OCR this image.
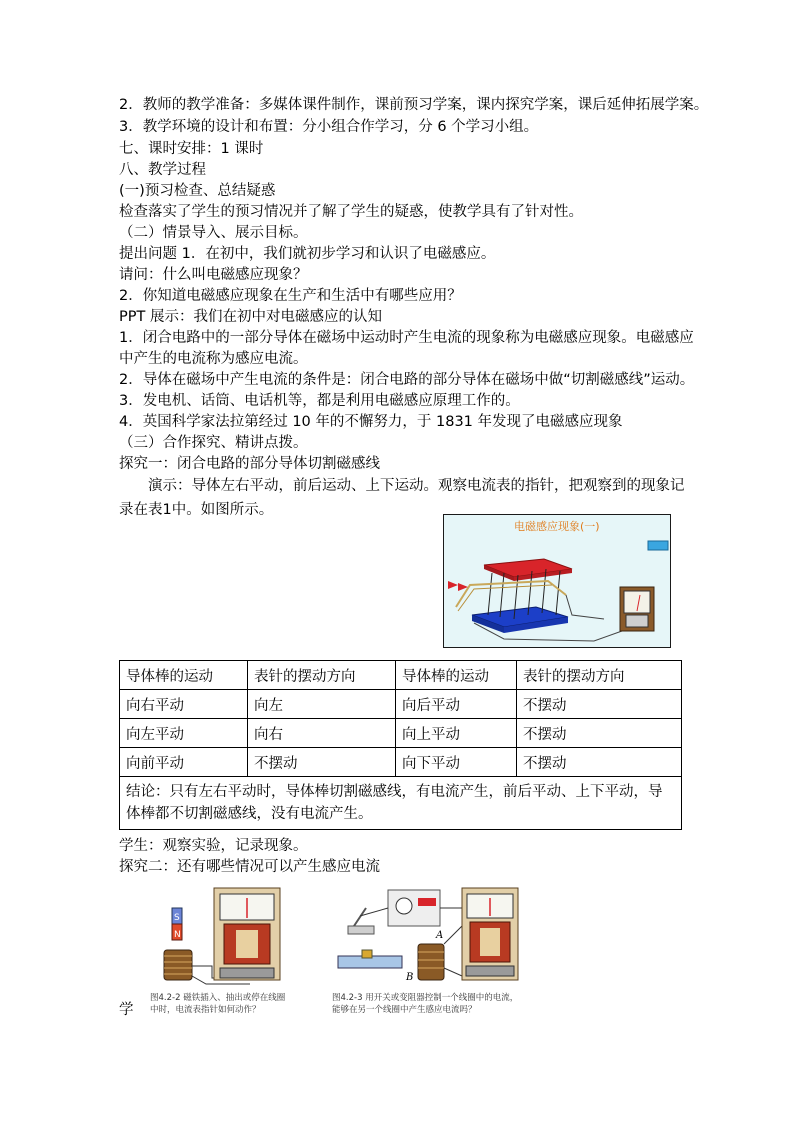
2．教师的教学准备：多媒体课件制作，课前预习学案，课内探究学案，课后延伸拓展学案。
3．教学环境的设计和布置：分小组合作学习，分 6 个学习小组。
七、课时安排：1 课时
八、教学过程
(一)预习检查、总结疑惑
检查落实了学生的预习情况并了解了学生的疑惑，使教学具有了针对性。
（二）情景导入、展示目标。
提出问题 1．在初中，我们就初步学习和认识了电磁感应。
请问：什么叫电磁感应现象？
2．你知道电磁感应现象在生产和生活中有哪些应用？
PPT 展示：我们在初中对电磁感应的认知
1．闭合电路中的一部分导体在磁场中运动时产生电流的现象称为电磁感应现象。电磁感应
中产生的电流称为感应电流。
2．导体在磁场中产生电流的条件是：闭合电路的部分导体在磁场中做“切割磁感线”运动。
3．发电机、话筒、电话机等，都是利用电磁感应原理工作的。
4．英国科学家法拉第经过 10 年的不懈努力，于 1831 年发现了电磁感应现象
（三）合作探究、精讲点拨。
探究一：闭合电路的部分导体切割磁感线
演示：导体左右平动，前后运动、上下运动。观察电流表的指针，把观察到的现象记
录在表1中。如图所示。
电磁感应现象(一)
导体棒的运动	表针的摆动方向	导体棒的运动	表针的摆动方向
向右平动	向左	向后平动	不摆动
向左平动	向右	向上平动	不摆动
向前平动	不摆动	向下平动	不摆动
结论：只有左右平动时，导体棒切割磁感线，有电流产生，前后平动、上下平动，导体棒都不切割磁感线，没有电流产生。			
学生：观察实验，记录现象。
探究二：还有哪些情况可以产生感应电流
S
N
图4.2-2 磁铁插入、抽出或停在线圈中时，电流表指针如何动作？
A
B
图4.2-3 用开关或变阻器控制一个线圈中的电流，能够在另一个线圈中产生感应电流吗？
学
